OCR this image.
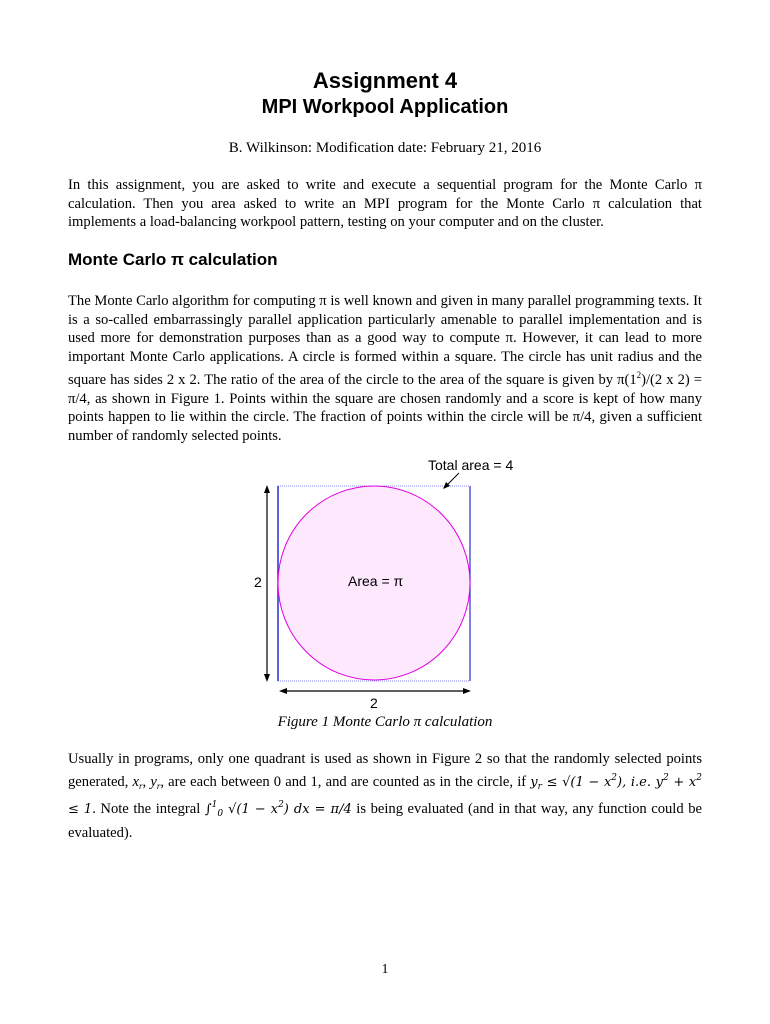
Assignment 4
MPI Workpool Application
B. Wilkinson: Modification date: February 21, 2016

In this assignment, you are asked to write and execute a sequential program for the Monte Carlo π calculation. Then you area asked to write an MPI program for the Monte Carlo π calculation that implements a load-balancing workpool pattern, testing on your computer and on the cluster.

Monte Carlo π calculation

The Monte Carlo algorithm for computing π is well known and given in many parallel programming texts. It is a so-called embarrassingly parallel application particularly amenable to parallel implementation and is used more for demonstration purposes than as a good way to compute π. However, it can lead to more important Monte Carlo applications. A circle is formed within a square. The circle has unit radius and the square has sides 2 x 2. The ratio of the area of the circle to the area of the square is given by $\pi(1^2)/(2$ x 2) = π/4, as shown in Figure 1. Points within the square are chosen randomly and a score is kept of how many points happen to lie within the circle. The fraction of points within the circle will be π/4, given a sufficient number of randomly selected points.

Total area = 4
Area = π
2
2
Figure 1 Monte Carlo π calculation

Usually in programs, only one quadrant is used as shown in Figure 2 so that the randomly selected points generated, $x_r$, $y_r$, are each between 0 and 1, and are counted as in the circle, if $y_r \le √(1 - x^2)$, i.e. $y^2 + x^2 \le 1$. Note the integral ∫$^1_0$ $√(1 - x^2)$ dx = π/4 is being evaluated (and in that way, any function could be evaluated).

1
